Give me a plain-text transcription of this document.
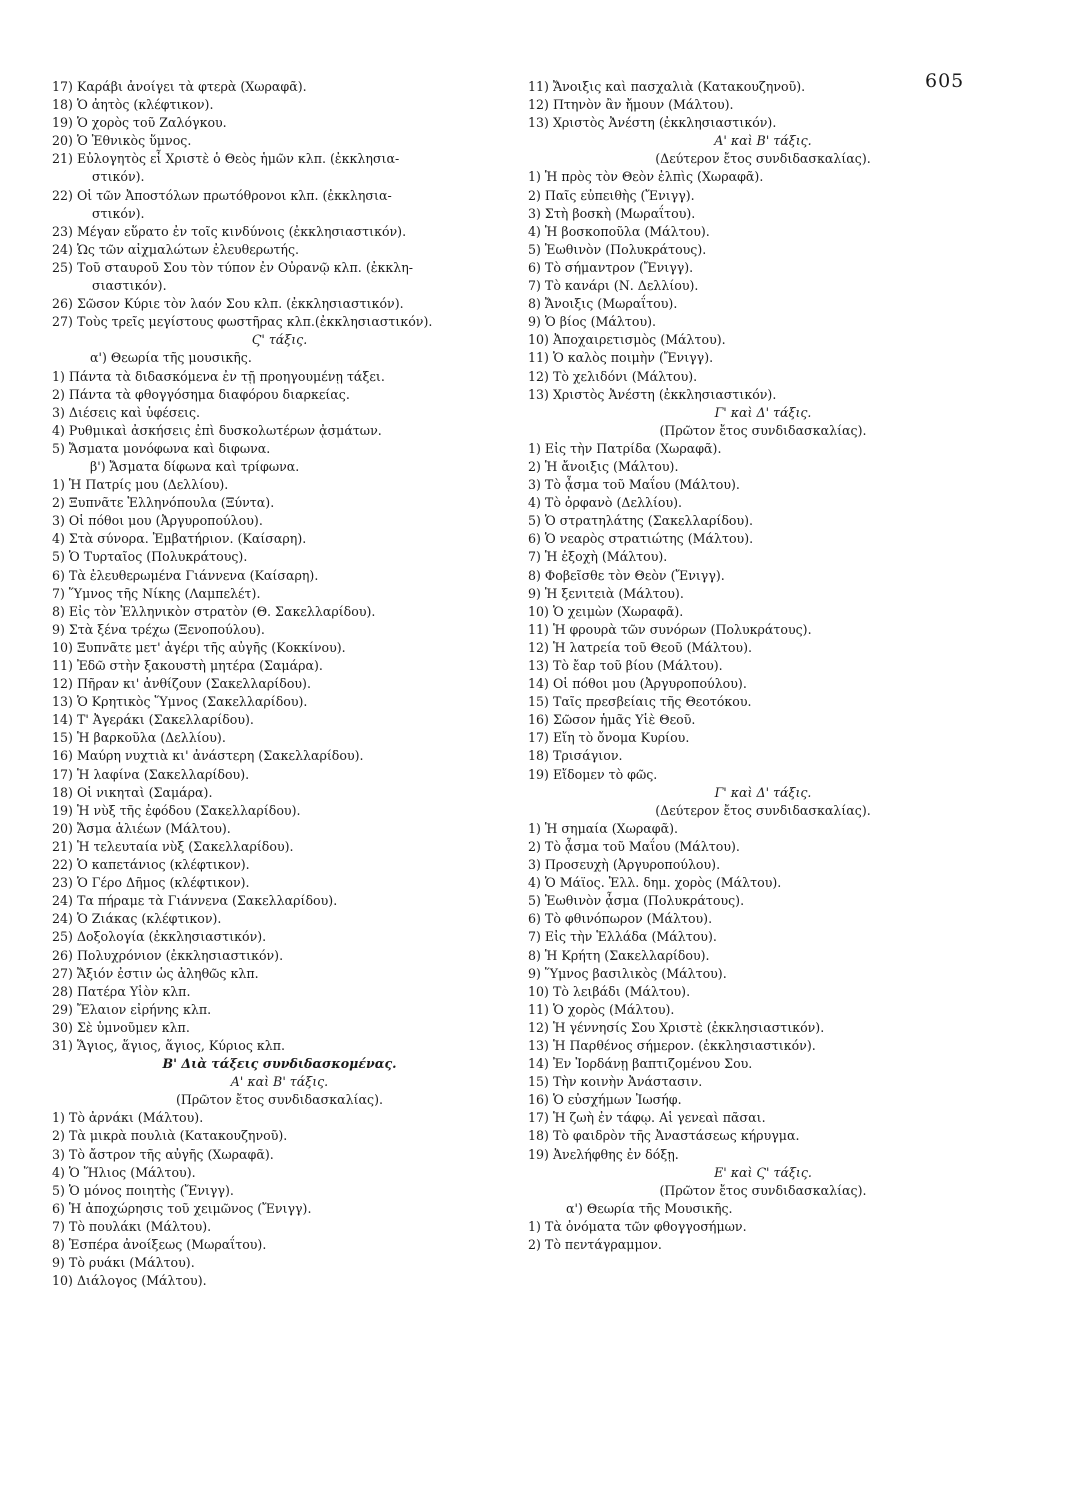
605
17) Καράβι ἀνοίγει τὰ φτερὰ (Χωραφᾶ).
18) Ὁ ἀητὸς (κλέφτικον).
19) Ὁ χορὸς τοῦ Ζαλόγκου.
20) Ὁ Ἐθνικὸς ὕμνος.
21) Εὐλογητὸς εἶ Χριστὲ ὁ Θεὸς ἡμῶν κλπ. (ἐκκλησια-
στικόν).
22) Οἱ τῶν Ἀποστόλων πρωτόθρονοι κλπ. (ἐκκλησια-
στικόν).
23) Μέγαν εὕρατο ἐν τοῖς κινδύνοις (ἐκκλησιαστικόν).
24) Ὡς τῶν αἰχμαλώτων ἐλευθερωτής.
25) Τοῦ σταυροῦ Σου τὸν τύπον ἐν Οὐρανῷ κλπ. (ἐκκλη-
σιαστικόν).
26) Σῶσον Κύριε τὸν λαόν Σου κλπ. (ἐκκλησιαστικόν).
27) Τοὺς τρεῖς μεγίστους φωστῆρας κλπ.(ἐκκλησιαστικόν).
Ϛ' τάξις.
α') Θεωρία τῆς μουσικῆς.
1) Πάντα τὰ διδασκόμενα ἐν τῇ προηγουμένῃ τάξει.
2) Πάντα τὰ φθογγόσημα διαφόρου διαρκείας.
3) Διέσεις καὶ ὑφέσεις.
4) Ρυθμικαὶ ἀσκήσεις ἐπὶ δυσκολωτέρων ᾀσμάτων.
5) Ἄσματα μονόφωνα καὶ διφωνα.
β') Ἄσματα δίφωνα καὶ τρίφωνα.
1) Ἡ Πατρίς μου (Δελλίου).
2) Ξυπνᾶτε Ἑλληνόπουλα (Ξύντα).
3) Οἱ πόθοι μου (Ἀργυροπούλου).
4) Στὰ σύνορα. Ἐμβατήριον. (Καίσαρη).
5) Ὁ Τυρταῖος (Πολυκράτους).
6) Τὰ ἐλευθερωμένα Γιάννενα (Καίσαρη).
7) Ὕμνος τῆς Νίκης (Λαμπελέτ).
8) Εἰς τὸν Ἑλληνικὸν στρατὸν (Θ. Σακελλαρίδου).
9) Στὰ ξένα τρέχω (Ξενοπούλου).
10) Ξυπνᾶτε μετ' ἀγέρι τῆς αὐγῆς (Κοκκίνου).
11) Ἐδῶ στὴν ξακουστὴ μητέρα (Σαμάρα).
12) Πῆραν κι' ἀνθίζουν (Σακελλαρίδου).
13) Ὁ Κρητικὸς Ὕμνος (Σακελλαρίδου).
14) Τ' Ἀγεράκι (Σακελλαρίδου).
15) Ἡ βαρκοῦλα (Δελλίου).
16) Μαύρη νυχτιὰ κι' ἀνάστερη (Σακελλαρίδου).
17) Ἡ λαφίνα (Σακελλαρίδου).
18) Οἱ νικηταὶ (Σαμάρα).
19) Ἡ νὺξ τῆς ἐφόδου (Σακελλαρίδου).
20) Ἄσμα ἁλιέων (Μάλτου).
21) Ἡ τελευταία νὺξ (Σακελλαρίδου).
22) Ὁ καπετάνιος (κλέφτικον).
23) Ὁ Γέρο Δῆμος (κλέφτικον).
24) Τα πήραμε τὰ Γιάννενα (Σακελλαρίδου).
24) Ὁ Ζιάκας (κλέφτικον).
25) Δοξολογία (ἐκκλησιαστικόν).
26) Πολυχρόνιον (ἐκκλησιαστικόν).
27) Ἄξιόν ἐστιν ὡς ἀληθῶς κλπ.
28) Πατέρα Υἱὸν κλπ.
29) Ἔλαιον εἰρήνης κλπ.
30) Σὲ ὑμνοῦμεν κλπ.
31) Ἅγιος, ἅγιος, ἅγιος, Κύριος κλπ.
Β' Διὰ τάξεις συνδιδασκομένας.
Α' καὶ Β' τάξις.
(Πρῶτον ἔτος συνδιδασκαλίας).
1) Τὸ ἀρνάκι (Μάλτου).
2) Τὰ μικρὰ πουλιὰ (Κατακουζηνοῦ).
3) Τὸ ἄστρον τῆς αὐγῆς (Χωραφᾶ).
4) Ὁ Ἥλιος (Μάλτου).
5) Ὁ μόνος ποιητὴς (Ἔνιγγ).
6) Ἡ ἀποχώρησις τοῦ χειμῶνος (Ἔνιγγ).
7) Τὸ πουλάκι (Μάλτου).
8) Ἑσπέρα ἀνοίξεως (Μωραΐτου).
9) Τὸ ρυάκι (Μάλτου).
10) Διάλογος (Μάλτου).
11) Ἄνοιξις καὶ πασχαλιὰ (Κατακουζηνοῦ).
12) Πτηνὸν ἂν ἤμουν (Μάλτου).
13) Χριστὸς Ἀνέστη (ἐκκλησιαστικόν).
Α' καὶ Β' τάξις.
(Δεύτερον ἔτος συνδιδασκαλίας).
1) Ἡ πρὸς τὸν Θεὸν ἐλπὶς (Χωραφᾶ).
2) Παῖς εὐπειθὴς (Ἔνιγγ).
3) Στὴ βοσκὴ (Μωραΐτου).
4) Ἡ βοσκοποῦλα (Μάλτου).
5) Ἑωθινὸν (Πολυκράτους).
6) Τὸ σήμαντρον (Ἔνιγγ).
7) Τὸ κανάρι (Ν. Δελλίου).
8) Ἄνοιξις (Μωραΐτου).
9) Ὁ βίος (Μάλτου).
10) Ἀποχαιρετισμὸς (Μάλτου).
11) Ὁ καλὸς ποιμὴν (Ἔνιγγ).
12) Τὸ χελιδόνι (Μάλτου).
13) Χριστὸς Ἀνέστη (ἐκκλησιαστικόν).
Γ' καὶ Δ' τάξις.
(Πρῶτον ἔτος συνδιδασκαλίας).
1) Εἰς τὴν Πατρίδα (Χωραφᾶ).
2) Ἡ ἄνοιξις (Μάλτου).
3) Τὸ ᾆσμα τοῦ Μαΐου (Μάλτου).
4) Τὸ ὀρφανὸ (Δελλίου).
5) Ὁ στρατηλάτης (Σακελλαρίδου).
6) Ὁ νεαρὸς στρατιώτης (Μάλτου).
7) Ἡ ἐξοχὴ (Μάλτου).
8) Φοβεῖσθε τὸν Θεὸν (Ἔνιγγ).
9) Ἡ ξενιτειὰ (Μάλτου).
10) Ὁ χειμὼν (Χωραφᾶ).
11) Ἡ φρουρὰ τῶν συνόρων (Πολυκράτους).
12) Ἡ λατρεία τοῦ Θεοῦ (Μάλτου).
13) Τὸ ἔαρ τοῦ βίου (Μάλτου).
14) Οἱ πόθοι μου (Ἀργυροπούλου).
15) Ταῖς πρεσβείαις τῆς Θεοτόκου.
16) Σῶσον ἡμᾶς Υἱὲ Θεοῦ.
17) Εἴη τὸ ὄνομα Κυρίου.
18) Τρισάγιον.
19) Εἴδομεν τὸ φῶς.
Γ' καὶ Δ' τάξις.
(Δεύτερον ἔτος συνδιδασκαλίας).
1) Ἡ σημαία (Χωραφᾶ).
2) Τὸ ᾆσμα τοῦ Μαΐου (Μάλτου).
3) Προσευχὴ (Ἀργυροπούλου).
4) Ὁ Μάϊος. Ἑλλ. δημ. χορὸς (Μάλτου).
5) Ἑωθινὸν ᾆσμα (Πολυκράτους).
6) Τὸ φθινόπωρον (Μάλτου).
7) Εἰς τὴν Ἑλλάδα (Μάλτου).
8) Ἡ Κρήτη (Σακελλαρίδου).
9) Ὕμνος βασιλικὸς (Μάλτου).
10) Τὸ λειβάδι (Μάλτου).
11) Ὁ χορὸς (Μάλτου).
12) Ἡ γέννησίς Σου Χριστὲ (ἐκκλησιαστικόν).
13) Ἡ Παρθένος σήμερον. (ἐκκλησιαστικόν).
14) Ἐν Ἰορδάνῃ βαπτιζομένου Σου.
15) Τὴν κοινὴν Ἀνάστασιν.
16) Ὁ εὐσχήμων Ἰωσήφ.
17) Ἡ ζωὴ ἐν τάφῳ. Αἱ γενεαὶ πᾶσαι.
18) Τὸ φαιδρὸν τῆς Ἀναστάσεως κήρυγμα.
19) Ἀνελήφθης ἐν δόξῃ.
Ε' καὶ Ϛ' τάξις.
(Πρῶτον ἔτος συνδιδασκαλίας).
α') Θεωρία τῆς Μουσικῆς.
1) Τὰ ὀνόματα τῶν φθογγοσήμων.
2) Τὸ πεντάγραμμον.
